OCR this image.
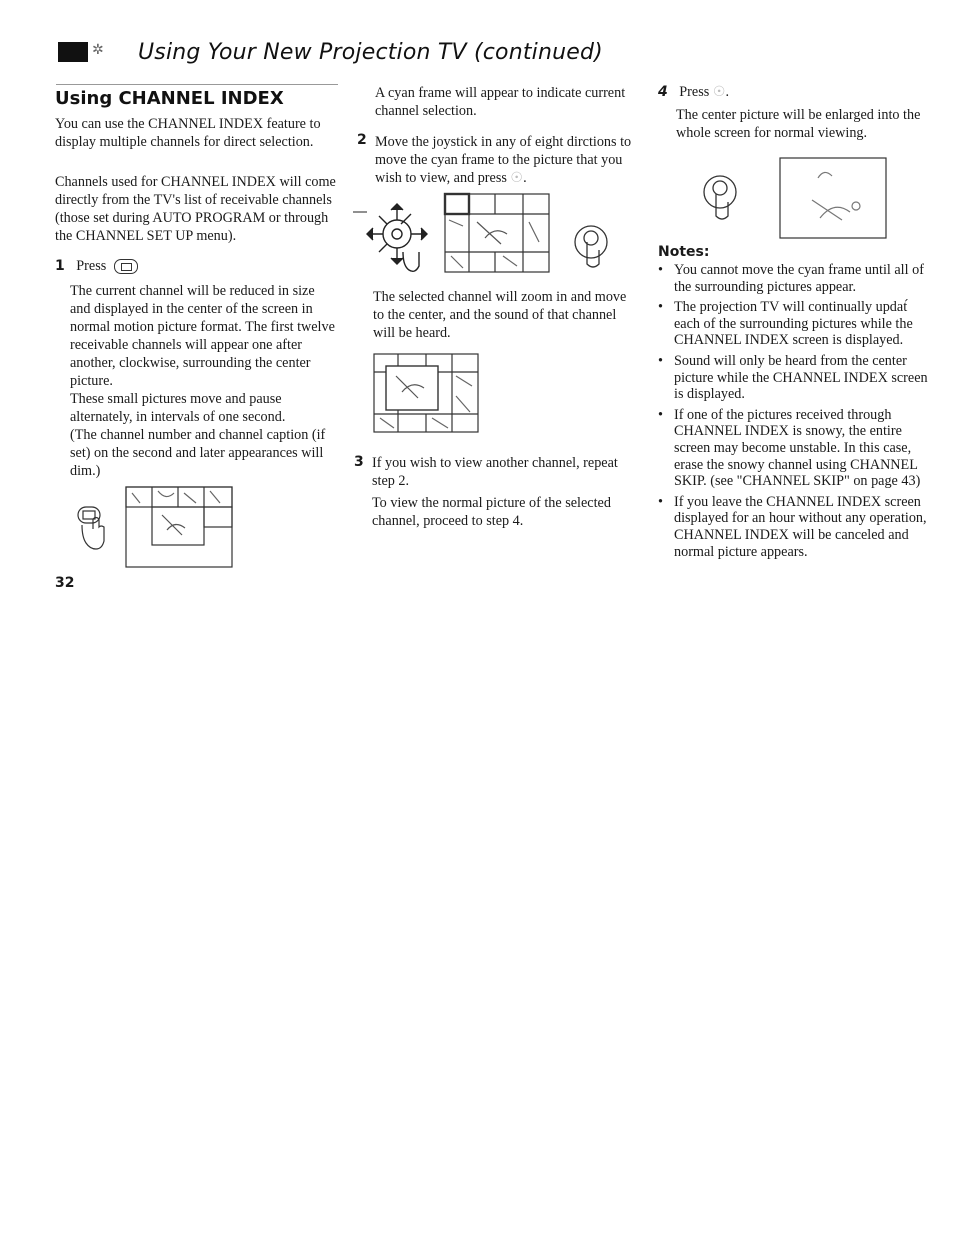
✲ Using Your New Projection TV (continued)
Using CHANNEL INDEX
You can use the CHANNEL INDEX feature to display multiple channels for direct selection.
Channels used for CHANNEL INDEX will come directly from the TV's list of receivable channels (those set during AUTO PROGRAM or through the CHANNEL SET UP menu).
1 Press
The current channel will be reduced in size and displayed in the center of the screen in normal motion picture format. The first twelve receivable channels will appear one after another, clockwise, surrounding the center picture.
These small pictures move and pause alternately, in intervals of one second.
(The channel number and channel caption (if set) on the second and later appearances will dim.)
32
A cyan frame will appear to indicate current channel selection.
2 Move the joystick in any of eight dirctions to move the cyan frame to the picture that you wish to view, and press ☉.
The selected channel will zoom in and move to the center, and the sound of that channel will be heard.
3 If you wish to view another channel, repeat step 2.
To view the normal picture of the selected channel, proceed to step 4.
4 Press ☉.
The center picture will be enlarged into the whole screen for normal viewing.
Notes:
• You cannot move the cyan frame until all of the surrounding pictures appear.
• The projection TV will continually updat́ each of the surrounding pictures while the CHANNEL INDEX screen is displayed.
• Sound will only be heard from the center picture while the CHANNEL INDEX screen is displayed.
• If one of the pictures received through CHANNEL INDEX is snowy, the entire screen may become unstable. In this case, erase the snowy channel using CHANNEL SKIP. (see "CHANNEL SKIP" on page 43)
• If you leave the CHANNEL INDEX screen displayed for an hour without any operation, CHANNEL INDEX will be canceled and normal picture appears.
